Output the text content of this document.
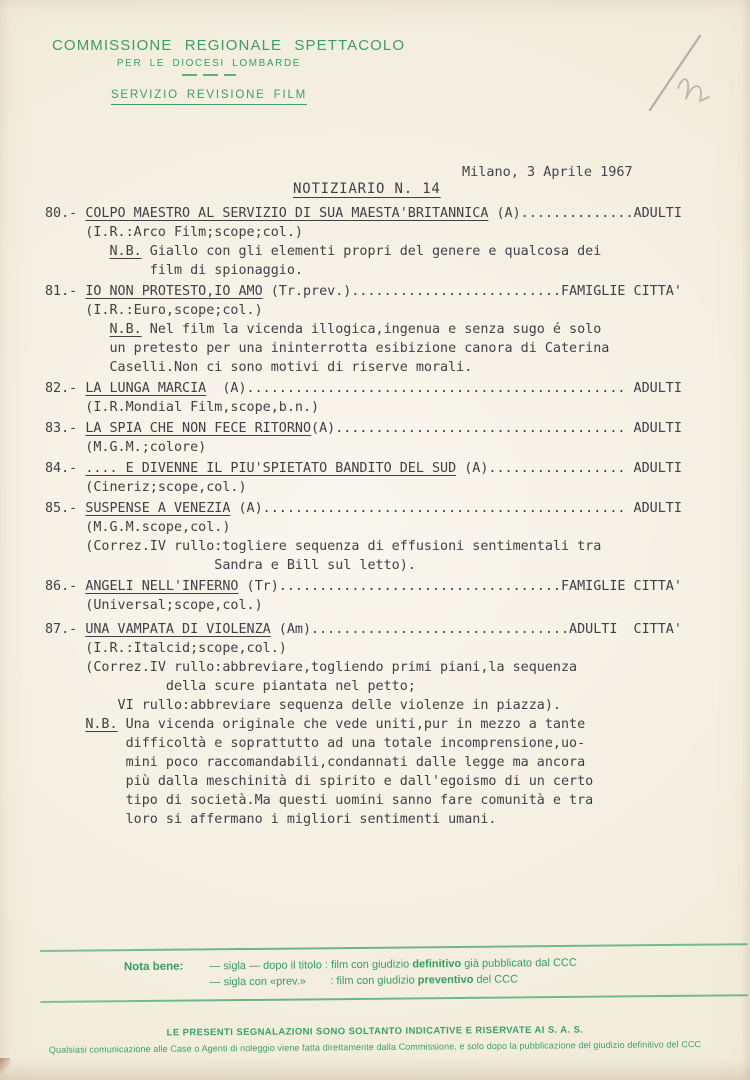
COMMISSIONE REGIONALE SPETTACOLO
PER LE DIOCESI LOMBARDE
SERVIZIO REVISIONE FILM
Milano, 3 Aprile 1967
NOTIZIARIO N. 14
80.- COLPO MAESTRO AL SERVIZIO DI SUA MAESTA'BRITANNICA (A)..............ADULTI
(I.R.:Arco Film;scope;col.)
N.B. Giallo con gli elementi propri del genere e qualcosa dei
film di spionaggio.
81.- IO NON PROTESTO,IO AMO (Tr.prev.)..........................FAMIGLIE CITTA'
(I.R.:Euro,scope;col.)
N.B. Nel film la vicenda illogica,ingenua e senza sugo é solo
un pretesto per una ininterrotta esibizione canora di Caterina
Caselli.Non ci sono motivi di riserve morali.
82.- LA LUNGA MARCIA  (A)............................................... ADULTI
(I.R.Mondial Film,scope,b.n.)
83.- LA SPIA CHE NON FECE RITORNO(A).................................... ADULTI
(M.G.M.;colore)
84.- .... E DIVENNE IL PIU'SPIETATO BANDITO DEL SUD (A)................. ADULTI
(Cineriz;scope,col.)
85.- SUSPENSE A VENEZIA (A)............................................. ADULTI
(M.G.M.scope,col.)
(Correz.IV rullo:togliere sequenza di effusioni sentimentali tra
Sandra e Bill sul letto).
86.- ANGELI NELL'INFERNO (Tr)...................................FAMIGLIE CITTA'
(Universal;scope,col.)
87.- UNA VAMPATA DI VIOLENZA (Am)................................ADULTI  CITTA'
(I.R.:Italcid;scope,col.)
(Correz.IV rullo:abbreviare,togliendo primi piani,la sequenza
della scure piantata nel petto;
VI rullo:abbreviare sequenza delle violenze in piazza).
N.B. Una vicenda originale che vede uniti,pur in mezzo a tante
difficoltà e soprattutto ad una totale incomprensione,uo-
mini poco raccomandabili,condannati dalle legge ma ancora
più dalla meschinità di spirito e dall'egoismo di un certo
tipo di società.Ma questi uomini sanno fare comunità e tra
loro si affermano i migliori sentimenti umani.
Nota bene: — sigla — dopo il titolo : film con giudizio definitivo già pubblicato dal CCC
— sigla con «prev.»        : film con giudizio preventivo del CCC
LE PRESENTI SEGNALAZIONI SONO SOLTANTO INDICATIVE E RISERVATE AI S. A. S.
Qualsiasi comunicazione alle Case o Agenti di noleggio viene fatta direttamente dalla Commissione, e solo dopo la pubblicazione del giudizio definitivo del CCC
